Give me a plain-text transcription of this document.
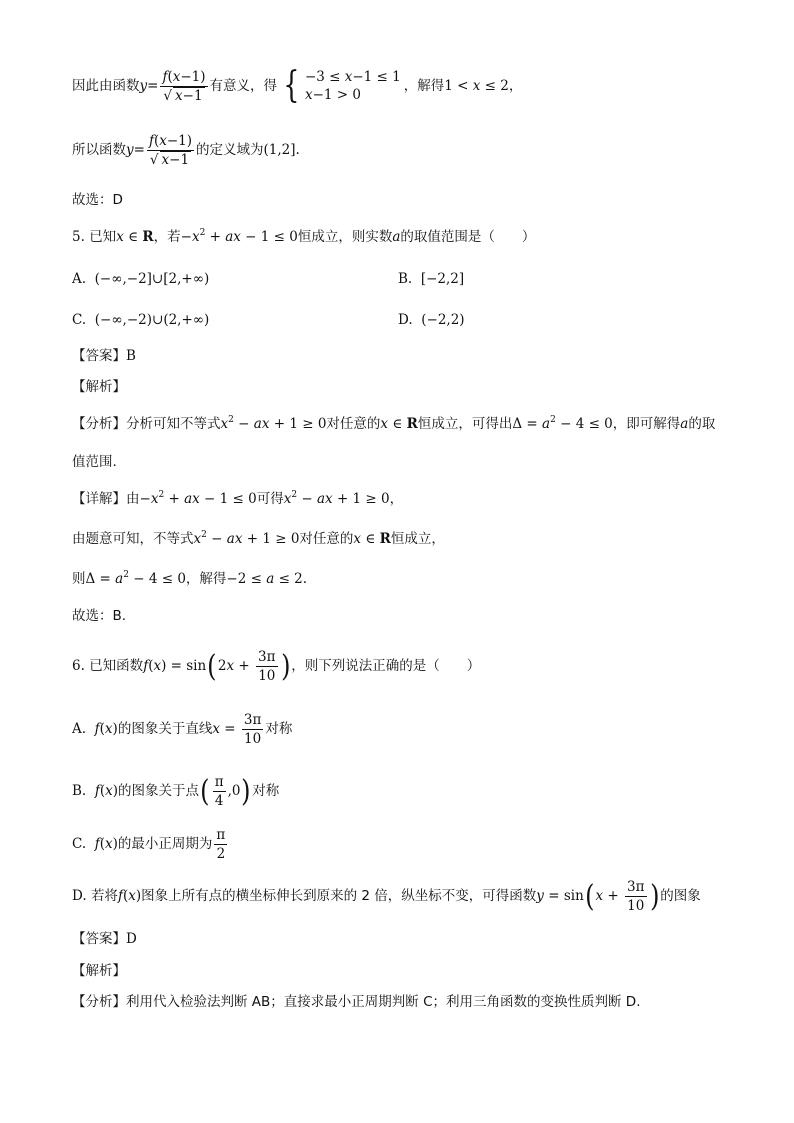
因此由函数$y= \frac{f(x-1)}{√ x-1}$ 有意义，得 { −3 ≤ x−1 ≤ 1
x−1 > 0
，解得1 < x ≤ 2，
所以函数$y= \frac{f(x-1)}{√ x-1}$ 的定义域为(1,2].
故选：D
5. 已知x ∈ R，若$-x^2$ + ax − 1 ≤ 0恒成立，则实数a的取值范围是（　　）
A. (−∞,−2]∪[2,+∞)	B. [−2,2]
C. (−∞,−2)∪(2,+∞)	D. (−2,2)
【答案】B
【解析】
【分析】分析可知不等式$x^2$ − ax + 1 ≥ 0对任意的x ∈ R恒成立，可得出$\Delta = a^2 - 4 \le 0$，即可解得a的取
值范围.
【详解】由$-x^2$ + ax − 1 ≤ 0可得$x^2$ − ax + 1 ≥ 0，
由题意可知，不等式$x^2$ − ax + 1 ≥ 0对任意的x ∈ R恒成立，
则$\Delta = a^2 - 4 \le 0$，解得−2 ≤ a ≤ 2.
故选：B.
6. 已知函数$f(x) = \sin(2x + \frac{3\pi}{10}$ )，则下列说法正确的是（　　）
A. f(x)的图象关于直线$x = \frac{3\pi}{10}$ 对称
B. f(x)的图象关于点( $\frac{\pi}{4} ,0$)对称
C. f(x)的最小正周期为 $\frac{\pi}{2}$
D. 若将f(x)图象上所有点的横坐标伸长到原来的 2 倍，纵坐标不变，可得函数$y = \sin(x + \frac{3\pi}{10}$ )的图象
【答案】D
【解析】
【分析】利用代入检验法判断 AB；直接求最小正周期判断 C；利用三角函数的变换性质判断 D.
